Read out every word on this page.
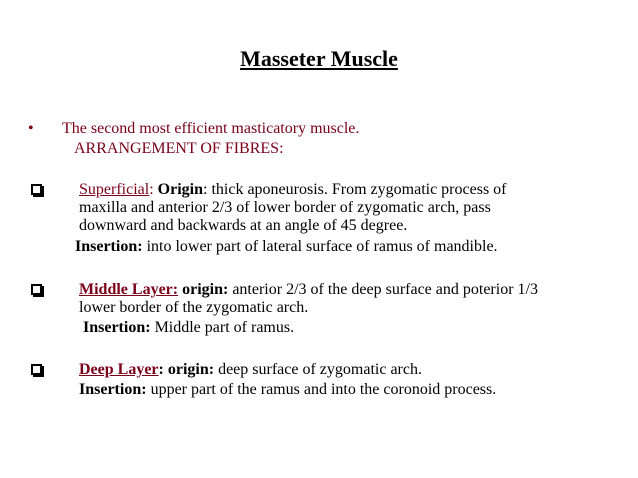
Masseter Muscle
• The second most efficient masticatory muscle.
ARRANGEMENT OF FIBRES:
Superficial: Origin: thick aponeurosis. From zygomatic process of
maxilla and anterior 2/3 of lower border of zygomatic arch, pass
downward and backwards at an angle of 45 degree.
Insertion: into lower part of lateral surface of ramus of mandible.
Middle Layer: origin: anterior 2/3 of the deep surface and poterior 1/3
lower border of the zygomatic arch.
Insertion: Middle part of ramus.
Deep Layer: origin: deep surface of zygomatic arch.
Insertion: upper part of the ramus and into the coronoid process.
